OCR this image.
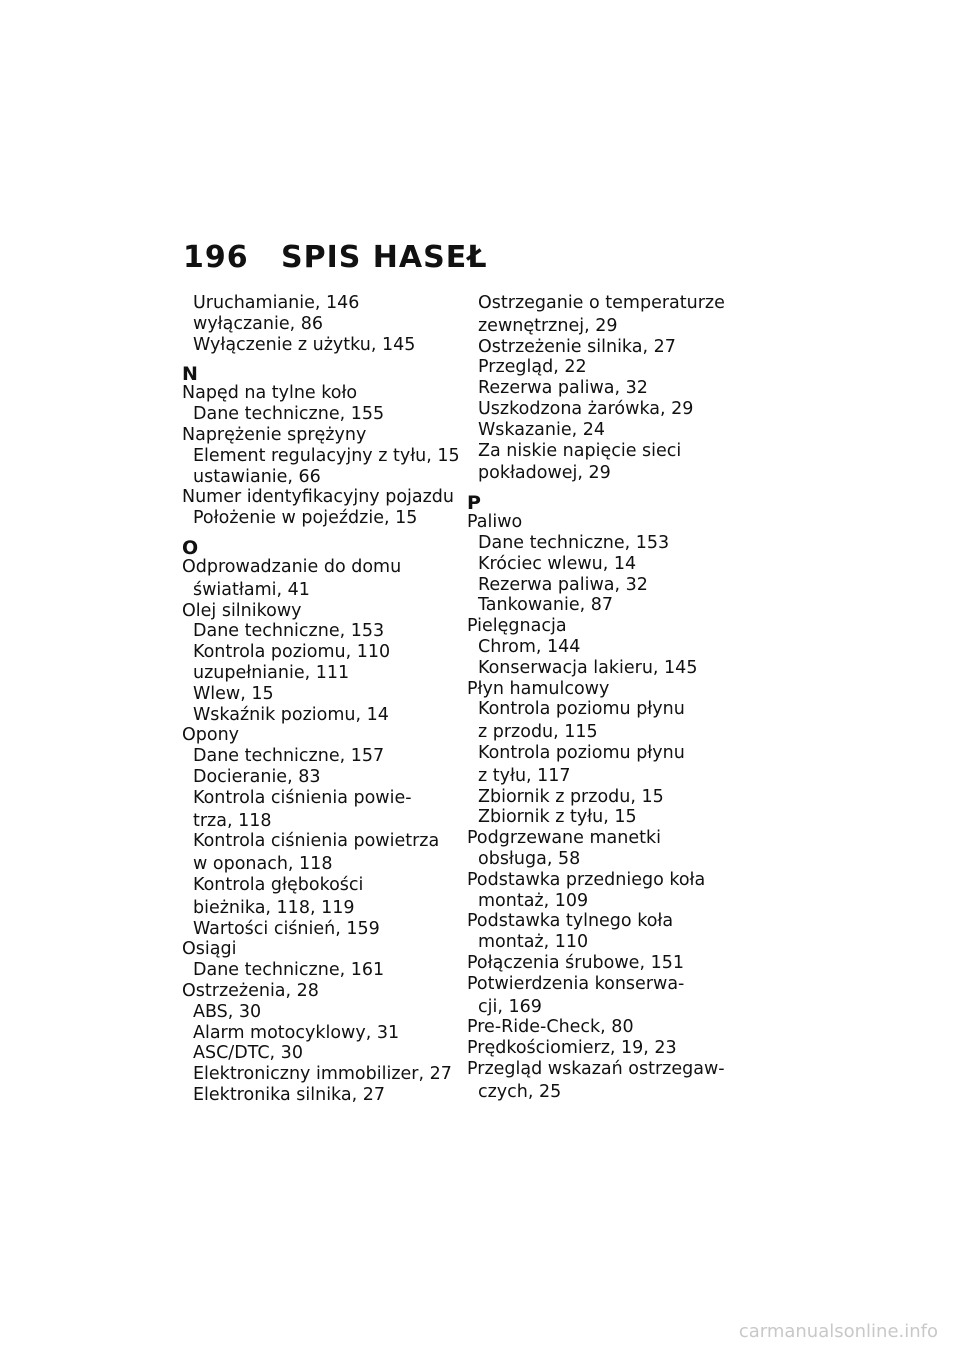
196 SPIS HASEŁ
Uruchamianie, 146
wyłączanie, 86
Wyłączenie z użytku, 145
N
Napęd na tylne koło
Dane techniczne, 155
Naprężenie sprężyny
Element regulacyjny z tyłu, 15
ustawianie, 66
Numer identyfikacyjny pojazdu
Położenie w pojeździe, 15
O
Odprowadzanie do domu
światłami, 41
Olej silnikowy
Dane techniczne, 153
Kontrola poziomu, 110
uzupełnianie, 111
Wlew, 15
Wskaźnik poziomu, 14
Opony
Dane techniczne, 157
Docieranie, 83
Kontrola ciśnienia powie-
trza, 118
Kontrola ciśnienia powietrza
w oponach, 118
Kontrola głębokości
bieżnika, 118, 119
Wartości ciśnień, 159
Osiągi
Dane techniczne, 161
Ostrzeżenia, 28
ABS, 30
Alarm motocyklowy, 31
ASC/DTC, 30
Elektroniczny immobilizer, 27
Elektronika silnika, 27
Ostrzeganie o temperaturze
zewnętrznej, 29
Ostrzeżenie silnika, 27
Przegląd, 22
Rezerwa paliwa, 32
Uszkodzona żarówka, 29
Wskazanie, 24
Za niskie napięcie sieci
pokładowej, 29
P
Paliwo
Dane techniczne, 153
Króciec wlewu, 14
Rezerwa paliwa, 32
Tankowanie, 87
Pielęgnacja
Chrom, 144
Konserwacja lakieru, 145
Płyn hamulcowy
Kontrola poziomu płynu
z przodu, 115
Kontrola poziomu płynu
z tyłu, 117
Zbiornik z przodu, 15
Zbiornik z tyłu, 15
Podgrzewane manetki
obsługa, 58
Podstawka przedniego koła
montaż, 109
Podstawka tylnego koła
montaż, 110
Połączenia śrubowe, 151
Potwierdzenia konserwa-
cji, 169
Pre-Ride-Check, 80
Prędkościomierz, 19, 23
Przegląd wskazań ostrzegaw-
czych, 25
carmanualsonline.info
